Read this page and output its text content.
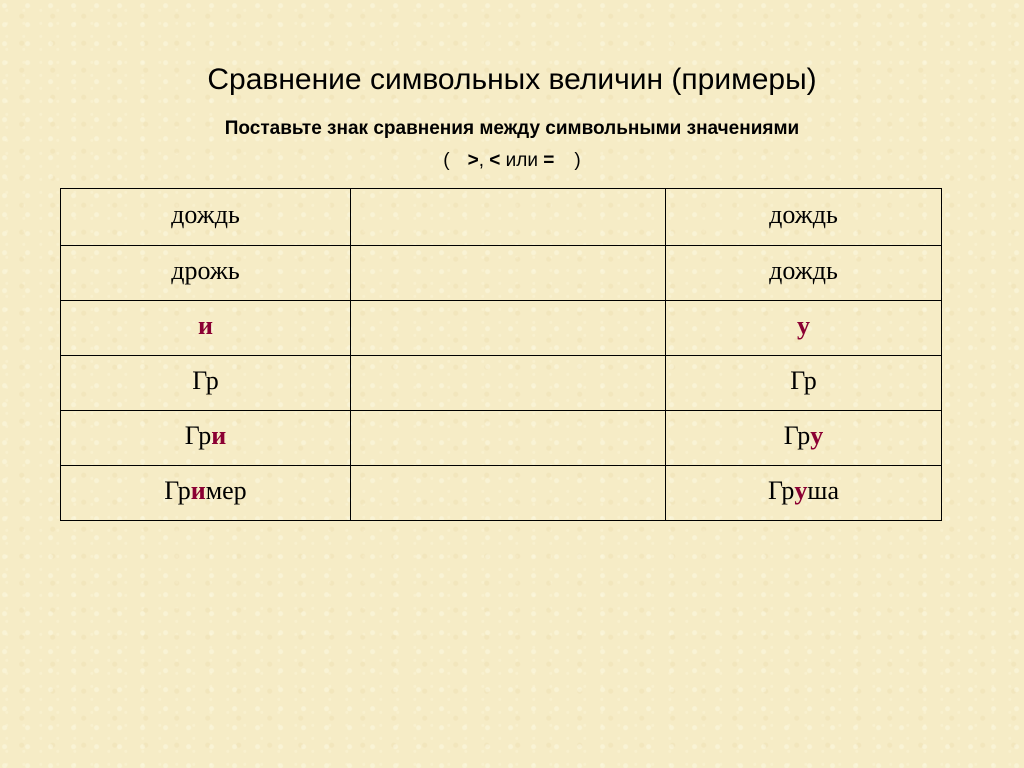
Сравнение символьных величин (примеры)
Поставьте знак сравнения между символьными значениями
( >, < или = )
дождь		дождь

дрожь		дождь

и		у

Гр		Гр

Гри		Гру

Гример		Груша
